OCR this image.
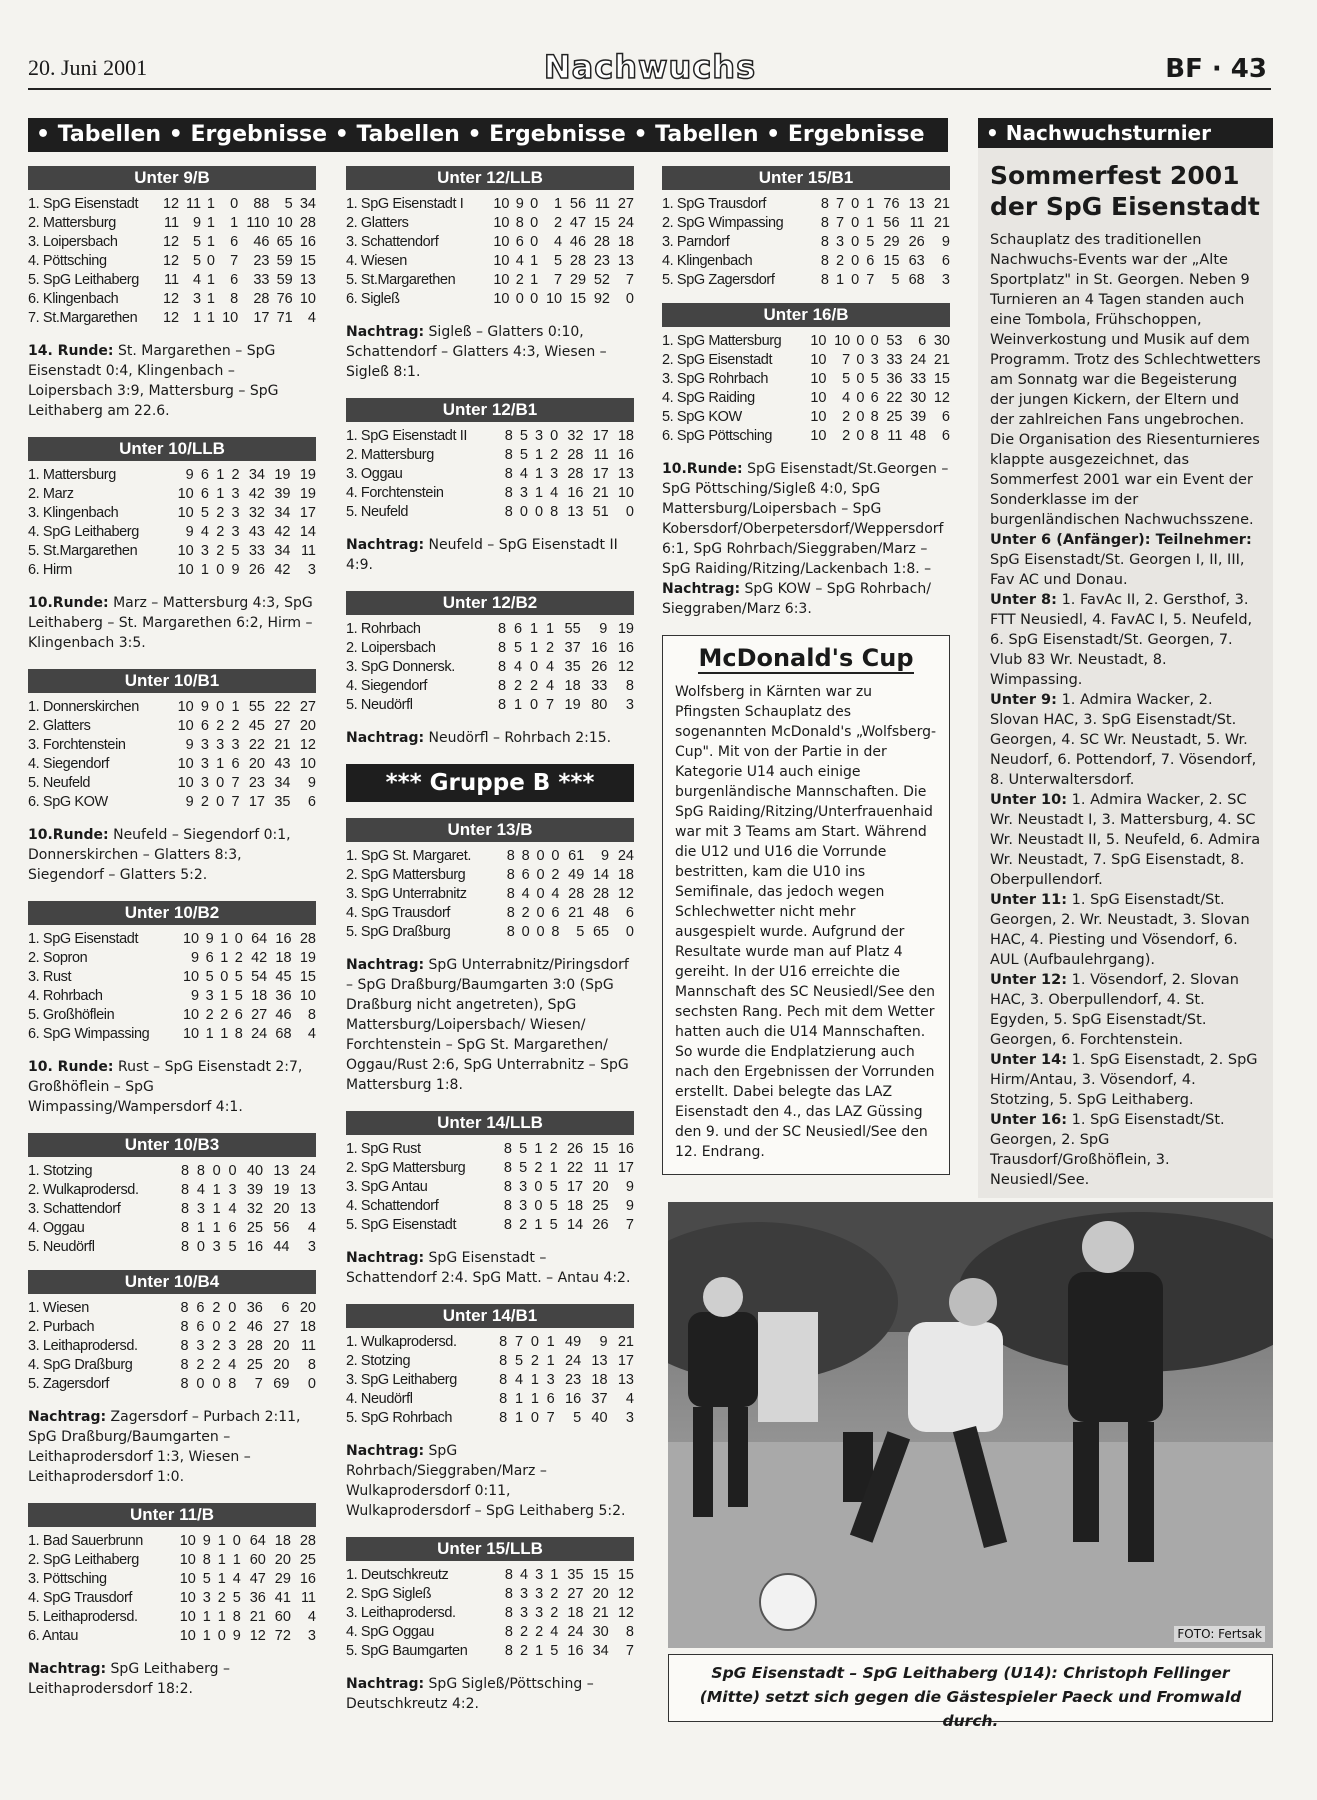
20. Juni 2001	Nachwuchs	BF · 43
• Tabellen • Ergebnisse • Tabellen • Ergebnisse • Tabellen • Ergebnisse
Unter 9/B
1. SpG Eisenstadt	12	11	1	0	88	5	34
2. Mattersburg	11	9	1	1	110	10	28
3. Loipersbach	12	5	1	6	46	65	16
4. Pöttsching	12	5	0	7	23	59	15
5. SpG Leithaberg	11	4	1	6	33	59	13
6. Klingenbach	12	3	1	8	28	76	10
7. St.Margarethen	12	1	1	10	17	71	4
14. Runde: St. Margarethen – SpG Eisenstadt 0:4, Klingenbach – Loipersbach 3:9, Mattersburg – SpG Leithaberg am 22.6.
Unter 10/LLB
1. Mattersburg	9	6	1	2	34	19	19
2. Marz	10	6	1	3	42	39	19
3. Klingenbach	10	5	2	3	32	34	17
4. SpG Leithaberg	9	4	2	3	43	42	14
5. St.Margarethen	10	3	2	5	33	34	11
6. Hirm	10	1	0	9	26	42	3
10.Runde: Marz – Mattersburg 4:3, SpG Leithaberg – St. Margarethen 6:2, Hirm – Klingenbach 3:5.
Unter 10/B1
1. Donnerskirchen	10	9	0	1	55	22	27
2. Glatters	10	6	2	2	45	27	20
3. Forchtenstein	9	3	3	3	22	21	12
4. Siegendorf	10	3	1	6	20	43	10
5. Neufeld	10	3	0	7	23	34	9
6. SpG KOW	9	2	0	7	17	35	6
10.Runde: Neufeld – Siegendorf 0:1, Donnerskirchen – Glatters 8:3, Siegendorf – Glatters 5:2.
Unter 10/B2
1. SpG Eisenstadt	10	9	1	0	64	16	28
2. Sopron	9	6	1	2	42	18	19
3. Rust	10	5	0	5	54	45	15
4. Rohrbach	9	3	1	5	18	36	10
5. Großhöflein	10	2	2	6	27	46	8
6. SpG Wimpassing	10	1	1	8	24	68	4
10. Runde: Rust – SpG Eisenstadt 2:7, Großhöflein – SpG Wimpassing/Wampersdorf 4:1.
Unter 10/B3
1. Stotzing	8	8	0	0	40	13	24
2. Wulkaprodersd.	8	4	1	3	39	19	13
3. Schattendorf	8	3	1	4	32	20	13
4. Oggau	8	1	1	6	25	56	4
5. Neudörfl	8	0	3	5	16	44	3
Unter 10/B4
1. Wiesen	8	6	2	0	36	6	20
2. Purbach	8	6	0	2	46	27	18
3. Leithaprodersd.	8	3	2	3	28	20	11
4. SpG Draßburg	8	2	2	4	25	20	8
5. Zagersdorf	8	0	0	8	7	69	0
Nachtrag: Zagersdorf – Purbach 2:11, SpG Draßburg/Baumgarten – Leithaprodersdorf 1:3, Wiesen – Leithaprodersdorf 1:0.
Unter 11/B
1. Bad Sauerbrunn	10	9	1	0	64	18	28
2. SpG Leithaberg	10	8	1	1	60	20	25
3. Pöttsching	10	5	1	4	47	29	16
4. SpG Trausdorf	10	3	2	5	36	41	11
5. Leithaprodersd.	10	1	1	8	21	60	4
6. Antau	10	1	0	9	12	72	3
Nachtrag: SpG Leithaberg – Leithaprodersdorf 18:2.
Unter 12/LLB
1. SpG Eisenstadt I	10	9	0	1	56	11	27
2. Glatters	10	8	0	2	47	15	24
3. Schattendorf	10	6	0	4	46	28	18
4. Wiesen	10	4	1	5	28	23	13
5. St.Margarethen	10	2	1	7	29	52	7
6. Sigleß	10	0	0	10	15	92	0
Nachtrag: Sigleß – Glatters 0:10, Schattendorf – Glatters 4:3, Wiesen – Sigleß 8:1.
Unter 12/B1
1. SpG Eisenstadt II	8	5	3	0	32	17	18
2. Mattersburg	8	5	1	2	28	11	16
3. Oggau	8	4	1	3	28	17	13
4. Forchtenstein	8	3	1	4	16	21	10
5. Neufeld	8	0	0	8	13	51	0
Nachtrag: Neufeld – SpG Eisenstadt II 4:9.
Unter 12/B2
1. Rohrbach	8	6	1	1	55	9	19
2. Loipersbach	8	5	1	2	37	16	16
3. SpG Donnersk.	8	4	0	4	35	26	12
4. Siegendorf	8	2	2	4	18	33	8
5. Neudörfl	8	1	0	7	19	80	3
Nachtrag: Neudörfl – Rohrbach 2:15.
*** Gruppe B ***
Unter 13/B
1. SpG St. Margaret.	8	8	0	0	61	9	24
2. SpG Mattersburg	8	6	0	2	49	14	18
3. SpG Unterrabnitz	8	4	0	4	28	28	12
4. SpG Trausdorf	8	2	0	6	21	48	6
5. SpG Draßburg	8	0	0	8	5	65	0
Nachtrag: SpG Unterrabnitz/Piringsdorf – SpG Draßburg/Baumgarten 3:0 (SpG Draßburg nicht angetreten), SpG Mattersburg/Loipersbach/ Wiesen/ Forchtenstein – SpG St. Margarethen/ Oggau/Rust 2:6, SpG Unterrabnitz – SpG Mattersburg 1:8.
Unter 14/LLB
1. SpG Rust	8	5	1	2	26	15	16
2. SpG Mattersburg	8	5	2	1	22	11	17
3. SpG Antau	8	3	0	5	17	20	9
4. Schattendorf	8	3	0	5	18	25	9
5. SpG Eisenstadt	8	2	1	5	14	26	7
Nachtrag: SpG Eisenstadt – Schattendorf 2:4. SpG Matt. – Antau 4:2.
Unter 14/B1
1. Wulkaprodersd.	8	7	0	1	49	9	21
2. Stotzing	8	5	2	1	24	13	17
3. SpG Leithaberg	8	4	1	3	23	18	13
4. Neudörfl	8	1	1	6	16	37	4
5. SpG Rohrbach	8	1	0	7	5	40	3
Nachtrag: SpG Rohrbach/Sieggraben/Marz – Wulkaprodersdorf 0:11, Wulkaprodersdorf – SpG Leithaberg 5:2.
Unter 15/LLB
1. Deutschkreutz	8	4	3	1	35	15	15
2. SpG Sigleß	8	3	3	2	27	20	12
3. Leithaprodersd.	8	3	3	2	18	21	12
4. SpG Oggau	8	2	2	4	24	30	8
5. SpG Baumgarten	8	2	1	5	16	34	7
Nachtrag: SpG Sigleß/Pöttsching – Deutschkreutz 4:2.
Unter 15/B1
1. SpG Trausdorf	8	7	0	1	76	13	21
2. SpG Wimpassing	8	7	0	1	56	11	21
3. Parndorf	8	3	0	5	29	26	9
4. Klingenbach	8	2	0	6	15	63	6
5. SpG Zagersdorf	8	1	0	7	5	68	3
Unter 16/B
1. SpG Mattersburg	10	10	0	0	53	6	30
2. SpG Eisenstadt	10	7	0	3	33	24	21
3. SpG Rohrbach	10	5	0	5	36	33	15
4. SpG Raiding	10	4	0	6	22	30	12
5. SpG KOW	10	2	0	8	25	39	6
6. SpG Pöttsching	10	2	0	8	11	48	6
10.Runde: SpG Eisenstadt/St.Georgen – SpG Pöttsching/Sigleß 4:0, SpG Mattersburg/Loipersbach – SpG Kobersdorf/Oberpetersdorf/Weppersdorf 6:1, SpG Rohrbach/Sieggraben/Marz – SpG Raiding/Ritzing/Lackenbach 1:8. –
Nachtrag: SpG KOW – SpG Rohrbach/ Sieggraben/Marz 6:3.
McDonald's Cup

Wolfsberg in Kärnten war zu Pfingsten Schauplatz des sogenannten McDonald's „Wolfsberg-Cup". Mit von der Partie in der Kategorie U14 auch einige burgenländische Mannschaften. Die SpG Raiding/Ritzing/Unterfrauenhaid war mit 3 Teams am Start. Während die U12 und U16 die Vorrunde bestritten, kam die U10 ins Semifinale, das jedoch wegen Schlechwetter nicht mehr ausgespielt wurde. Aufgrund der Resultate wurde man auf Platz 4 gereiht. In der U16 erreichte die Mannschaft des SC Neusiedl/See den sechsten Rang. Pech mit dem Wetter hatten auch die U14 Mannschaften. So wurde die Endplatzierung auch nach den Ergebnissen der Vorrunden erstellt. Dabei belegte das LAZ Eisenstadt den 4., das LAZ Güssing den 9. und der SC Neusiedl/See den 12. Endrang.

• Nachwuchsturnier
Sommerfest 2001 der SpG Eisenstadt

Schauplatz des traditionellen Nachwuchs-Events war der „Alte Sportplatz" in St. Georgen. Neben 9 Turnieren an 4 Tagen standen auch eine Tombola, Frühschoppen, Weinverkostung und Musik auf dem Programm. Trotz des Schlechtwetters am Sonnatg war die Begeisterung der jungen Kickern, der Eltern und der zahlreichen Fans ungebrochen. Die Organisation des Riesenturnieres klappte ausgezeichnet, das Sommerfest 2001 war ein Event der Sonderklasse im der burgenländischen Nachwuchsszene.

Unter 6 (Anfänger): Teilnehmer: SpG Eisenstadt/St. Georgen I, II, III, Fav AC und Donau.

Unter 8: 1. FavAc II, 2. Gersthof, 3. FTT Neusiedl, 4. FavAC I, 5. Neufeld, 6. SpG Eisenstadt/St. Georgen, 7. Vlub 83 Wr. Neustadt, 8. Wimpassing.

Unter 9: 1. Admira Wacker, 2. Slovan HAC, 3. SpG Eisenstadt/St. Georgen, 4. SC Wr. Neustadt, 5. Wr. Neudorf, 6. Pottendorf, 7. Vösendorf, 8. Unterwaltersdorf.

Unter 10: 1. Admira Wacker, 2. SC Wr. Neustadt I, 3. Mattersburg, 4. SC Wr. Neustadt II, 5. Neufeld, 6. Admira Wr. Neustadt, 7. SpG Eisenstadt, 8. Oberpullendorf.

Unter 11: 1. SpG Eisenstadt/St. Georgen, 2. Wr. Neustadt, 3. Slovan HAC, 4. Piesting und Vösendorf, 6. AUL (Aufbaulehrgang).

Unter 12: 1. Vösendorf, 2. Slovan HAC, 3. Oberpullendorf, 4. St. Egyden, 5. SpG Eisenstadt/St. Georgen, 6. Forchtenstein.

Unter 14: 1. SpG Eisenstadt, 2. SpG Hirm/Antau, 3. Vösendorf, 4. Stotzing, 5. SpG Leithaberg.

Unter 16: 1. SpG Eisenstadt/St. Georgen, 2. SpG Trausdorf/Großhöflein, 3. Neusiedl/See.

FOTO: Fertsak
SpG Eisenstadt – SpG Leithaberg (U14): Christoph Fellinger (Mitte) setzt sich gegen die Gästespieler Paeck und Fromwald durch.
